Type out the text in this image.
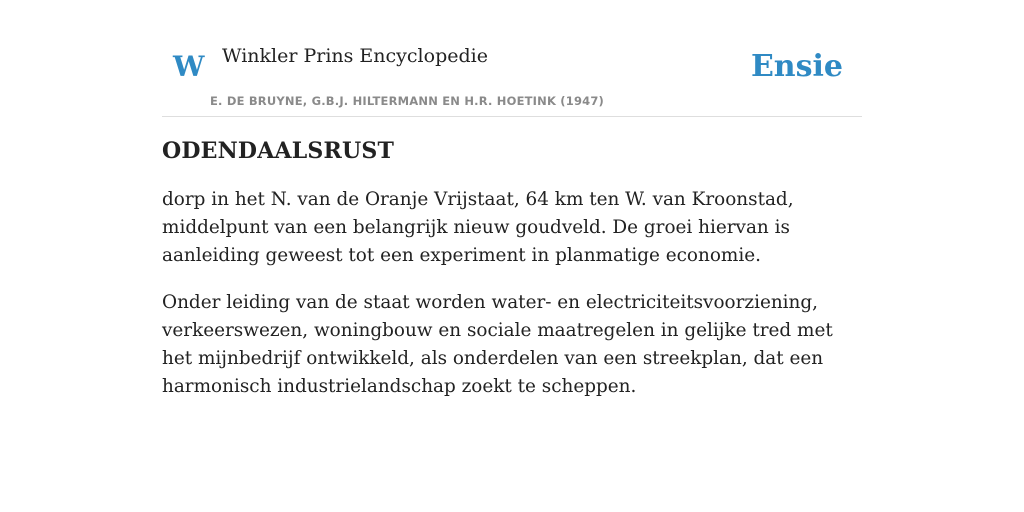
W Winkler Prins Encyclopedie
E. DE BRUYNE, G.B.J. HILTERMANN EN H.R. HOETINK (1947)
Ensie
ODENDAALSRUST

dorp in het N. van de Oranje Vrijstaat, 64 km ten W. van Kroonstad, middelpunt van een belangrijk nieuw goudveld. De groei hiervan is aanleiding geweest tot een experiment in planmatige economie.

Onder leiding van de staat worden water- en electriciteitsvoorziening, verkeerswezen, woningbouw en sociale maatregelen in gelijke tred met het mijnbedrijf ontwikkeld, als onderdelen van een streekplan, dat een harmonisch industrielandschap zoekt te scheppen.
